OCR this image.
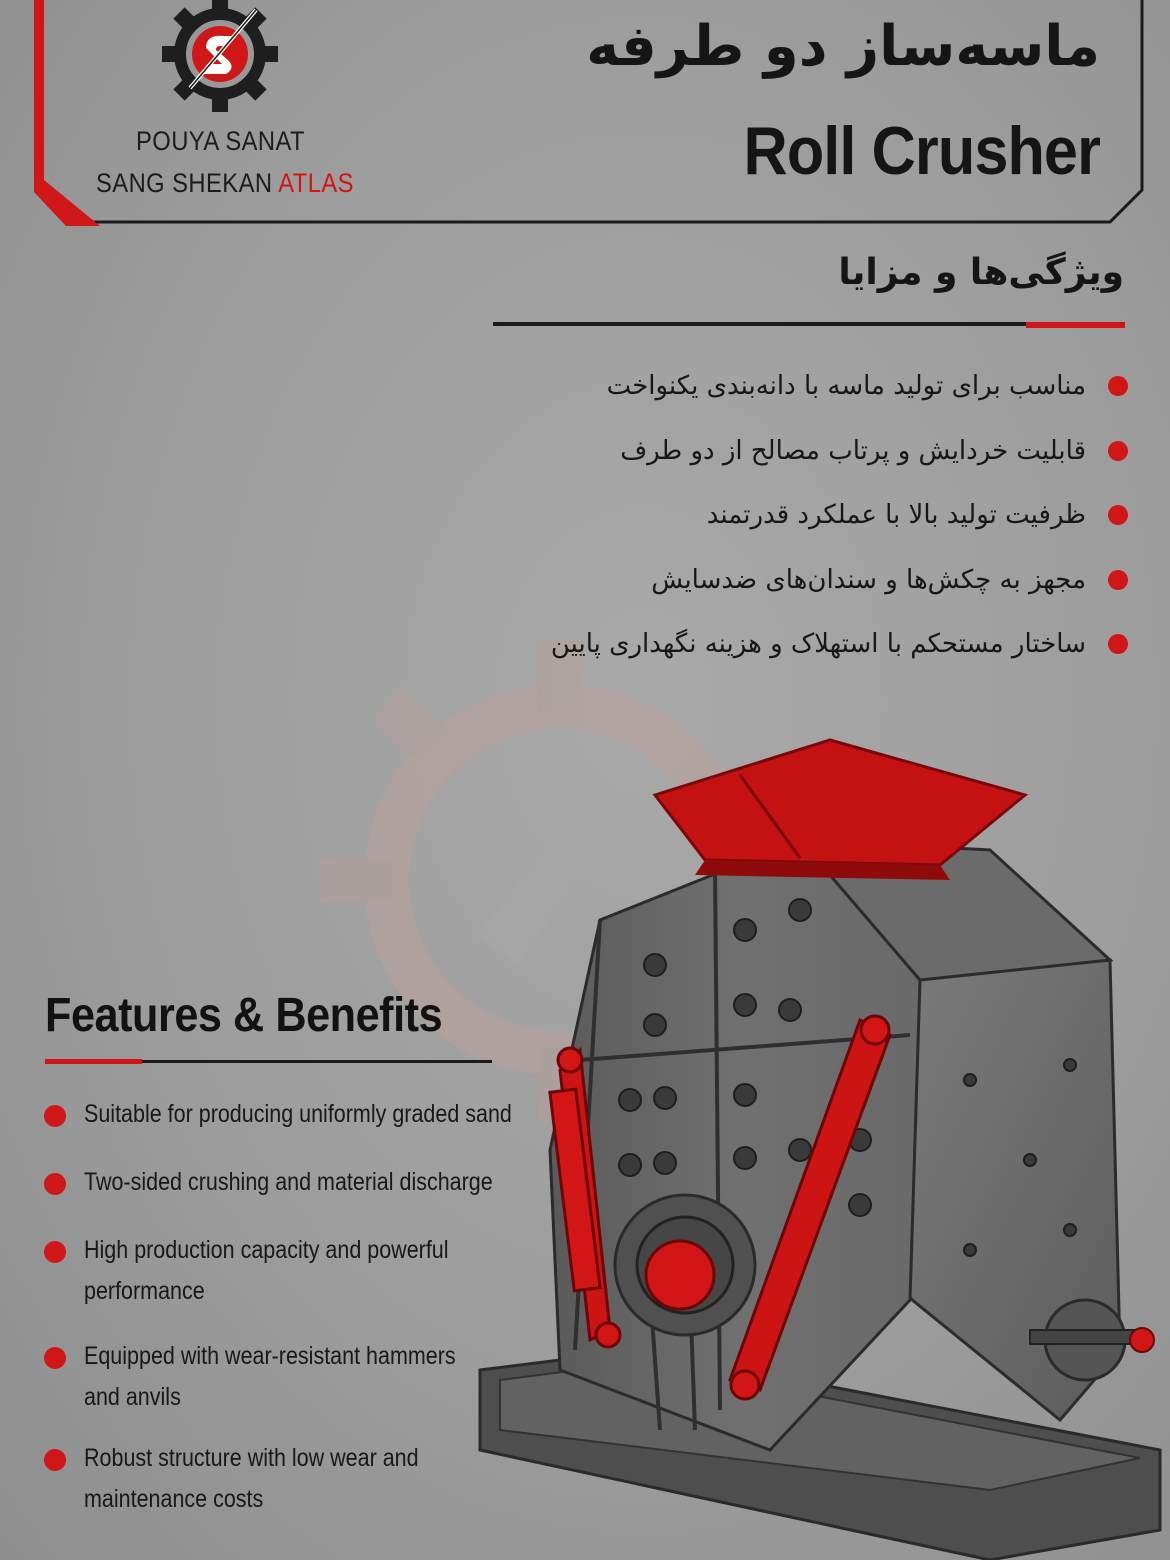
POUYA SANAT
SANG SHEKAN ATLAS
ماسه‌ساز دو طرفه
Roll Crusher
ویژگی‌ها و مزایا
مناسب برای تولید ماسه با دانه‌بندی یکنواخت
قابلیت خردایش و پرتاب مصالح از دو طرف
ظرفیت تولید بالا با عملکرد قدرتمند
مجهز به چکش‌ها و سندان‌های ضدسایش
ساختار مستحکم با استهلاک و هزینه نگهداری پایین
Features & Benefits
Suitable for producing uniformly graded sand
Two-sided crushing and material discharge
High production capacity and powerful performance
Equipped with wear-resistant hammers and anvils
Robust structure with low wear and maintenance costs
